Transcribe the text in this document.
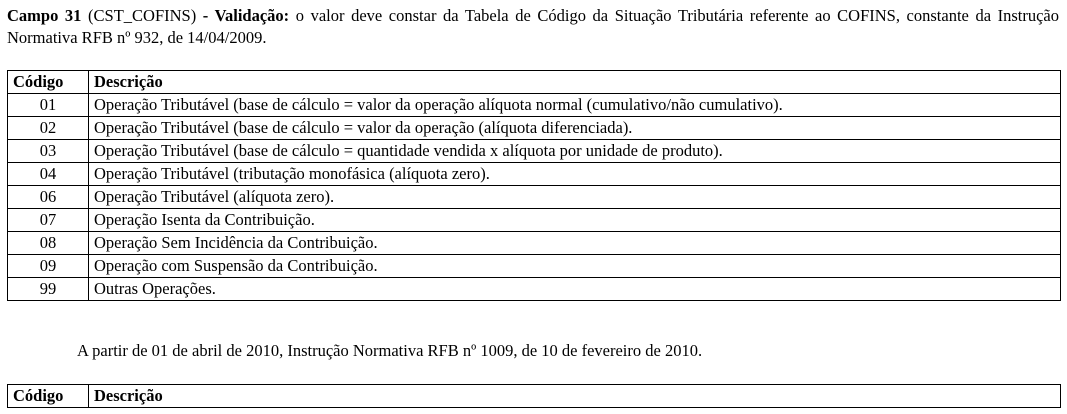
Campo 31 (CST_COFINS) - Validação: o valor deve constar da Tabela de Código da Situação Tributária referente ao COFINS, constante da Instrução Normativa RFB nº 932, de 14/04/2009.
Código	Descrição
01	Operação Tributável (base de cálculo = valor da operação alíquota normal (cumulativo/não cumulativo).
02	Operação Tributável (base de cálculo = valor da operação (alíquota diferenciada).
03	Operação Tributável (base de cálculo = quantidade vendida x alíquota por unidade de produto).
04	Operação Tributável (tributação monofásica (alíquota zero).
06	Operação Tributável (alíquota zero).
07	Operação Isenta da Contribuição.
08	Operação Sem Incidência da Contribuição.
09	Operação com Suspensão da Contribuição.
99	Outras Operações.
A partir de 01 de abril de 2010, Instrução Normativa RFB nº 1009, de 10 de fevereiro de 2010.
Código	Descrição
